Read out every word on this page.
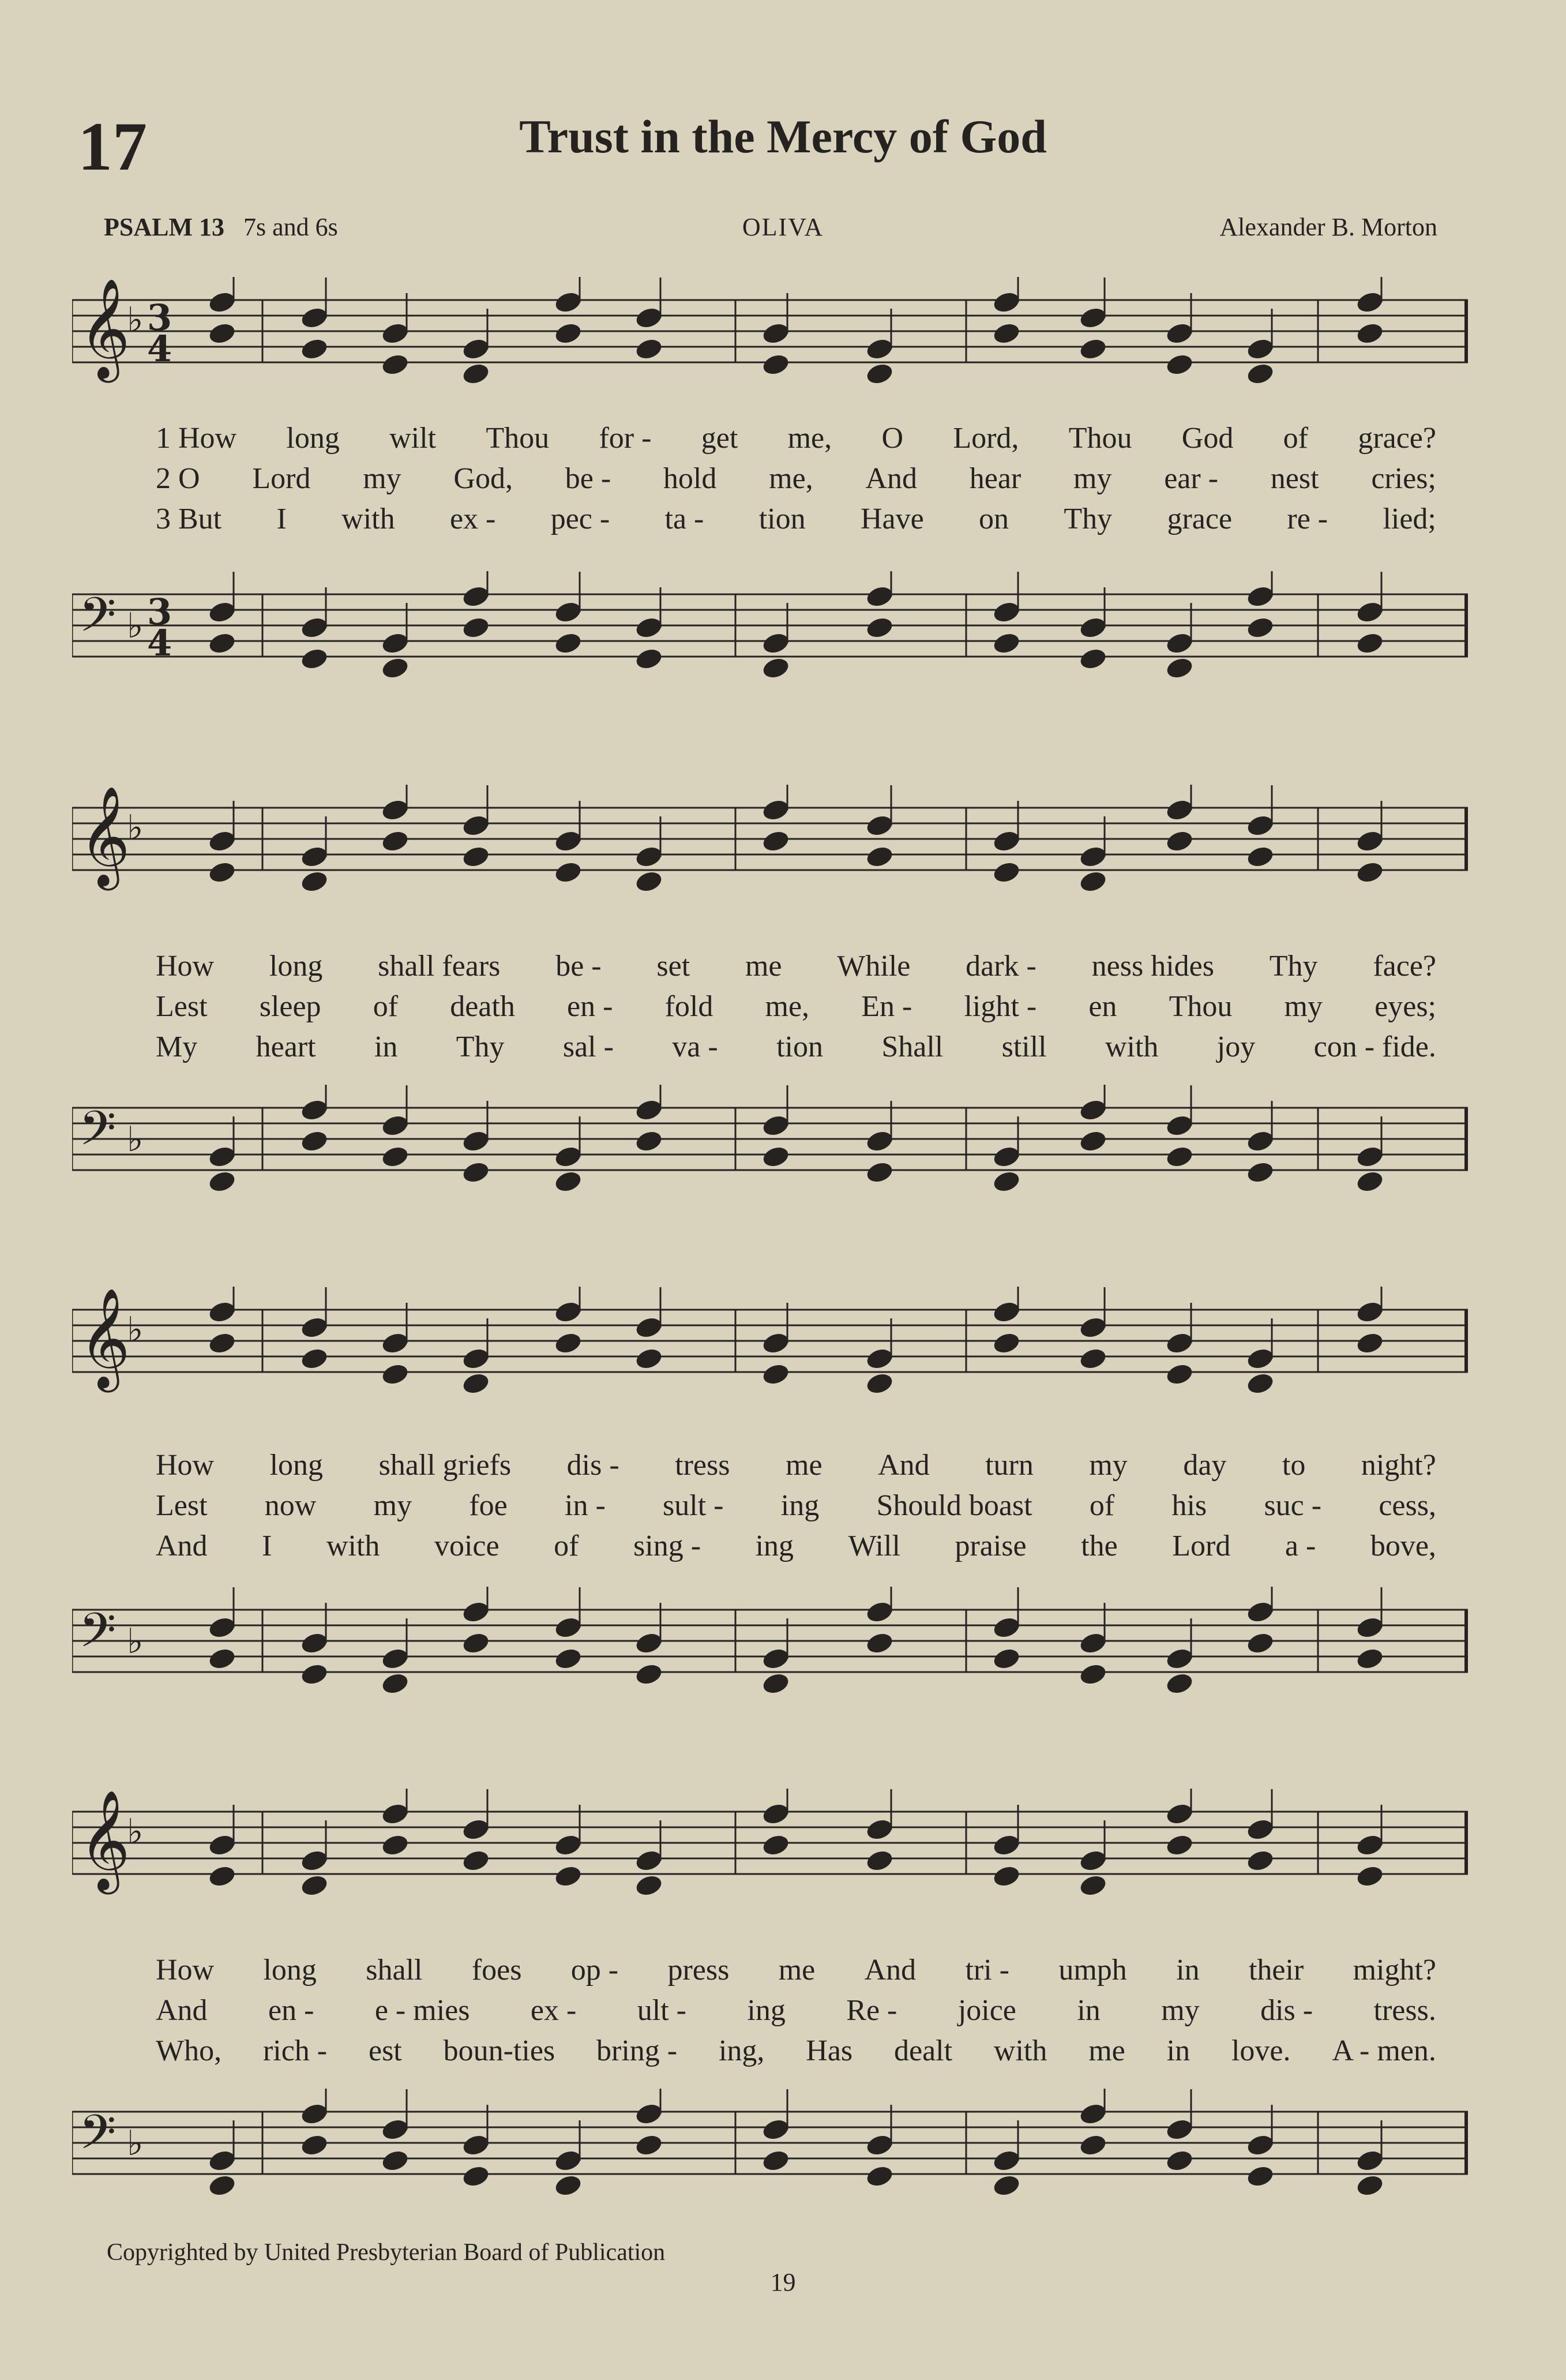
17	Trust in the Mercy of God
PSALM 13 7s and 6s	OLIVA	Alexander B. Morton
𝄞
♭ 3
4
1 How long wilt Thou for - get me, O Lord, Thou God of grace?
2 O Lord my God, be - hold me, And hear my ear - nest cries;
3 But I with ex - pec - ta - tion Have on Thy grace re - lied;
𝄢 ♭ 3
4
𝄞
♭
How long shall fears be - set me While dark - ness hides Thy face?
Lest sleep of death en - fold me, En - light - en Thou my eyes;
My heart in Thy sal - va - tion Shall still with joy con - fide.
𝄢 ♭
𝄞
♭
How long shall griefs dis - tress me And turn my day to night?
Lest now my foe in - sult - ing Should boast of his suc - cess,
And I with voice of sing - ing Will praise the Lord a - bove,
𝄢 ♭
𝄞
♭
How long shall foes op - press me And tri - umph in their might?
And en - e - mies ex - ult - ing Re - joice in my dis - tress.
Who, rich - est boun-ties bring - ing, Has dealt with me in love. A - men.
𝄢 ♭
Copyrighted by United Presbyterian Board of Publication
19
